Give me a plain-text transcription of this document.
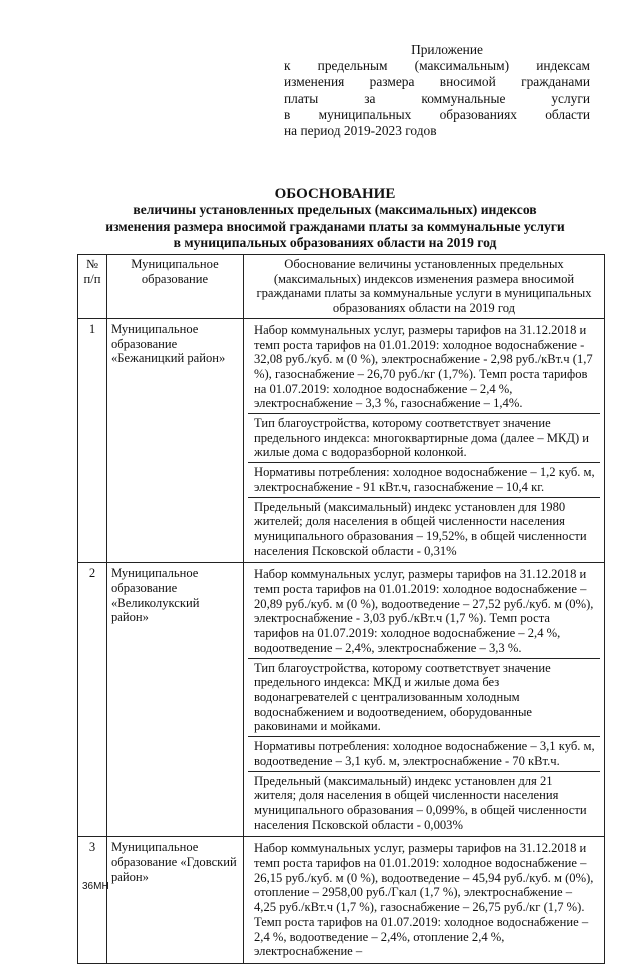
Приложение
к предельным (максимальным) индексам
изменения размера вносимой гражданами
платы за коммунальные услуги
в муниципальных образованиях области
на период 2019-2023 годов
ОБОСНОВАНИЕ
величины установленных предельных (максимальных) индексов
изменения размера вносимой гражданами платы за коммунальные услуги
в муниципальных образованиях области на 2019 год
№ п/п	Муниципальное образование	Обоснование величины установленных предельных (максимальных) индексов изменения размера вносимой гражданами платы за коммунальные услуги в муниципальных образованиях области на 2019 год
1	Муниципальное образование «Бежаницкий район»	Набор коммунальных услуг, размеры тарифов на 31.12.2018 и темп роста тарифов на 01.01.2019: холодное водоснабжение - 32,08 руб./куб. м (0 %), электроснабжение - 2,98 руб./кВт.ч (1,7 %), газоснабжение – 26,70 руб./кг (1,7%). Темп роста тарифов на 01.07.2019: холодное водоснабжение – 2,4 %, электроснабжение – 3,3 %, газоснабжение – 1,4%.
Тип благоустройства, которому соответствует значение предельного индекса: многоквартирные дома (далее – МКД) и жилые дома с водоразборной колонкой.
Нормативы потребления: холодное водоснабжение – 1,2 куб. м, электроснабжение - 91 кВт.ч, газоснабжение – 10,4 кг.
Предельный (максимальный) индекс установлен для 1980 жителей; доля населения в общей численности населения муниципального образования – 19,52%, в общей численности населения Псковской области - 0,31%

2	Муниципальное образование «Великолукский район»	Набор коммунальных услуг, размеры тарифов на 31.12.2018 и темп роста тарифов на 01.01.2019: холодное водоснабжение – 20,89 руб./куб. м (0 %), водоотведение – 27,52 руб./куб. м (0%), электроснабжение - 3,03 руб./кВт.ч (1,7 %). Темп роста тарифов на 01.07.2019: холодное водоснабжение – 2,4 %, водоотведение – 2,4%, электроснабжение – 3,3 %.
Тип благоустройства, которому соответствует значение предельного индекса: МКД и жилые дома без водонагревателей с централизованным холодным водоснабжением и водоотведением, оборудованные раковинами и мойками.
Нормативы потребления: холодное водоснабжение – 3,1 куб. м, водоотведение – 3,1 куб. м, электроснабжение - 70 кВт.ч.
Предельный (максимальный) индекс установлен для 21 жителя; доля населения в общей численности населения муниципального образования – 0,099%, в общей численности населения Псковской области - 0,003%

3	Муниципальное образование «Гдовский район»	Набор коммунальных услуг, размеры тарифов на 31.12.2018 и темп роста тарифов на 01.01.2019: холодное водоснабжение – 26,15 руб./куб. м (0 %), водоотведение – 45,94 руб./куб. м (0%), отопление – 2958,00 руб./Гкал (1,7 %), электроснабжение – 4,25 руб./кВт.ч (1,7 %), газоснабжение – 26,75 руб./кг (1,7 %). Темп роста тарифов на 01.07.2019: холодное водоснабжение – 2,4 %, водоотведение – 2,4%, отопление 2,4 %, электроснабжение –
36МН
